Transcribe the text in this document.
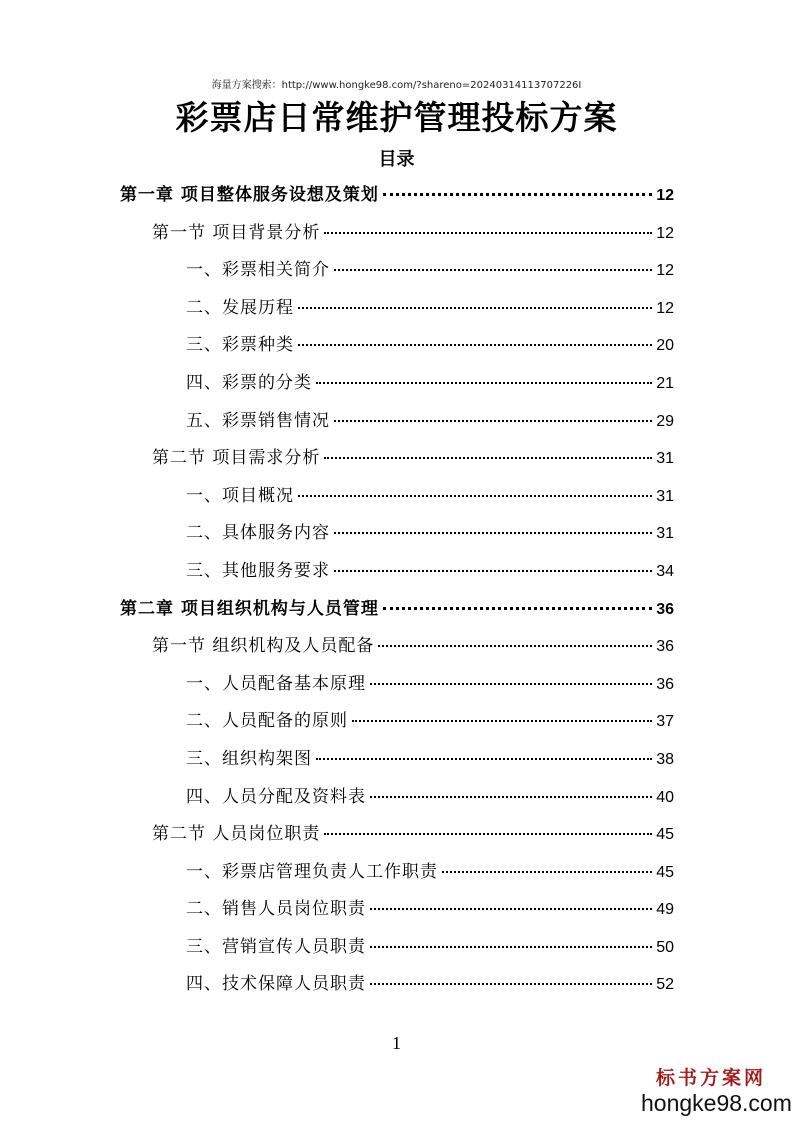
海量方案搜索：http://www.hongke98.com/?shareno=20240314113707226I
彩票店日常维护管理投标方案
目录
第一章 项目整体服务设想及策划	12
第一节 项目背景分析	12
一、彩票相关简介	12
二、发展历程	12
三、彩票种类	20
四、彩票的分类	21
五、彩票销售情况	29
第二节 项目需求分析	31
一、项目概况	31
二、具体服务内容	31
三、其他服务要求	34
第二章 项目组织机构与人员管理	36
第一节 组织机构及人员配备	36
一、人员配备基本原理	36
二、人员配备的原则	37
三、组织构架图	38
四、人员分配及资料表	40
第二节 人员岗位职责	45
一、彩票店管理负责人工作职责	45
二、销售人员岗位职责	49
三、营销宣传人员职责	50
四、技术保障人员职责	52
1
标书方案网
hongke98.com
